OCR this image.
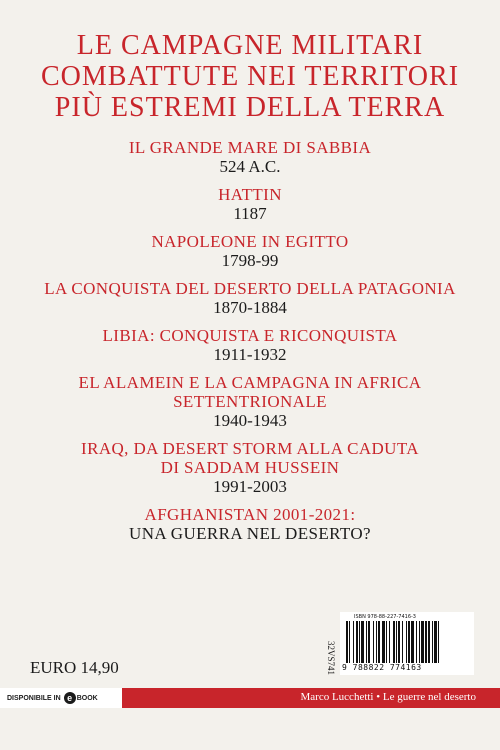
LE CAMPAGNE MILITARI
COMBATTUTE NEI TERRITORI
PIÙ ESTREMI DELLA TERRA
IL GRANDE MARE DI SABBIA
524 A.C.
HATTIN
1187
NAPOLEONE IN EGITTO
1798-99
LA CONQUISTA DEL DESERTO DELLA PATAGONIA
1870-1884
LIBIA: CONQUISTA E RICONQUISTA
1911-1932
EL ALAMEIN E LA CAMPAGNA IN AFRICA
SETTENTRIONALE
1940-1943
IRAQ, DA DESERT STORM ALLA CADUTA
DI SADDAM HUSSEIN
1991-2003
AFGHANISTAN 2001-2021:
UNA GUERRA NEL DESERTO?
EURO 14,90	32VS741
ISBN 978-88-227-7416-3
9 788822 774163
DISPONIBILE IN e BOOK	Marco Lucchetti • Le guerre nel deserto
